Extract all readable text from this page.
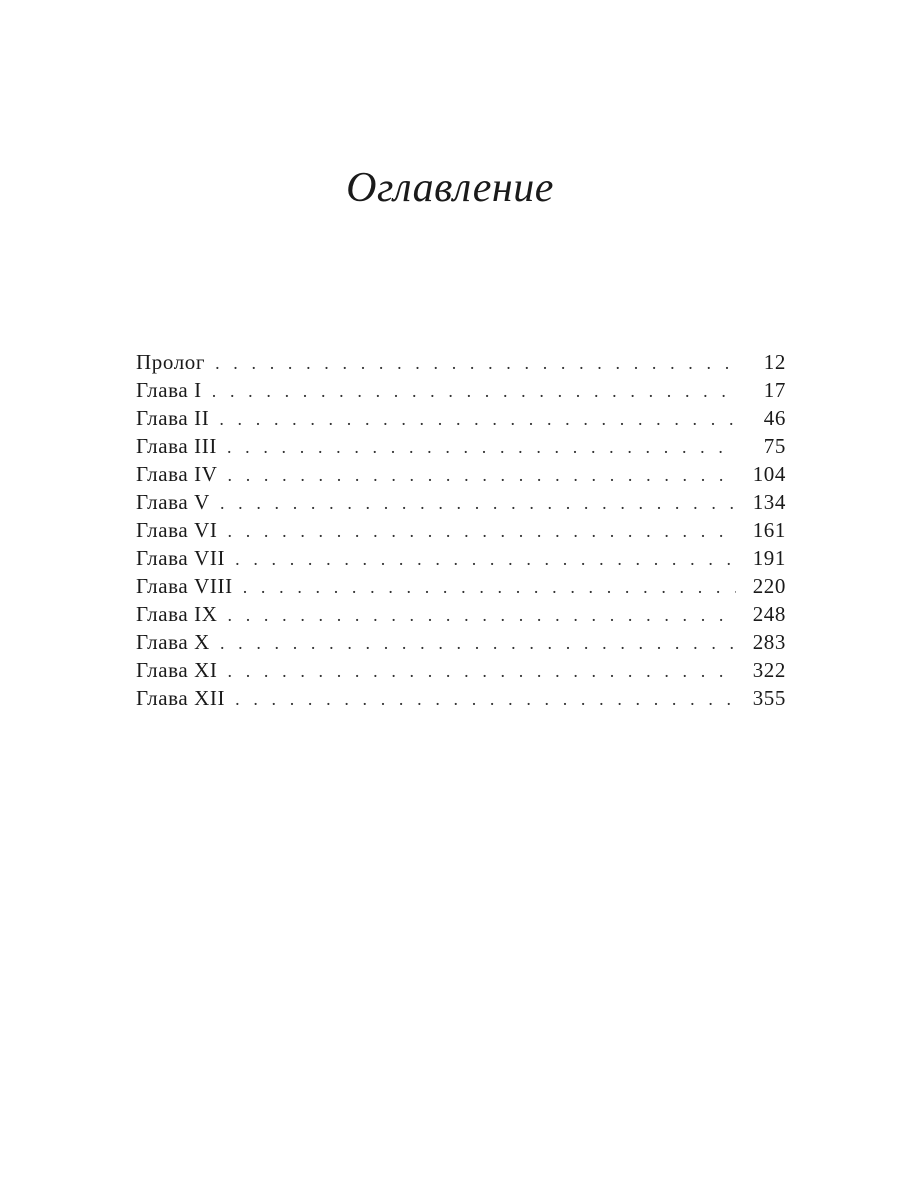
Оглавление
Пролог . . .	12
Глава I . . .	17
Глава II . . .	46
Глава III . . .	75
Глава IV . . .	104
Глава V . . .	134
Глава VI . . .	161
Глава VII . . .	191
Глава VIII . . .	220
Глава IX . . .	248
Глава X . . .	283
Глава XI . . .	322
Глава XII . . .	355
